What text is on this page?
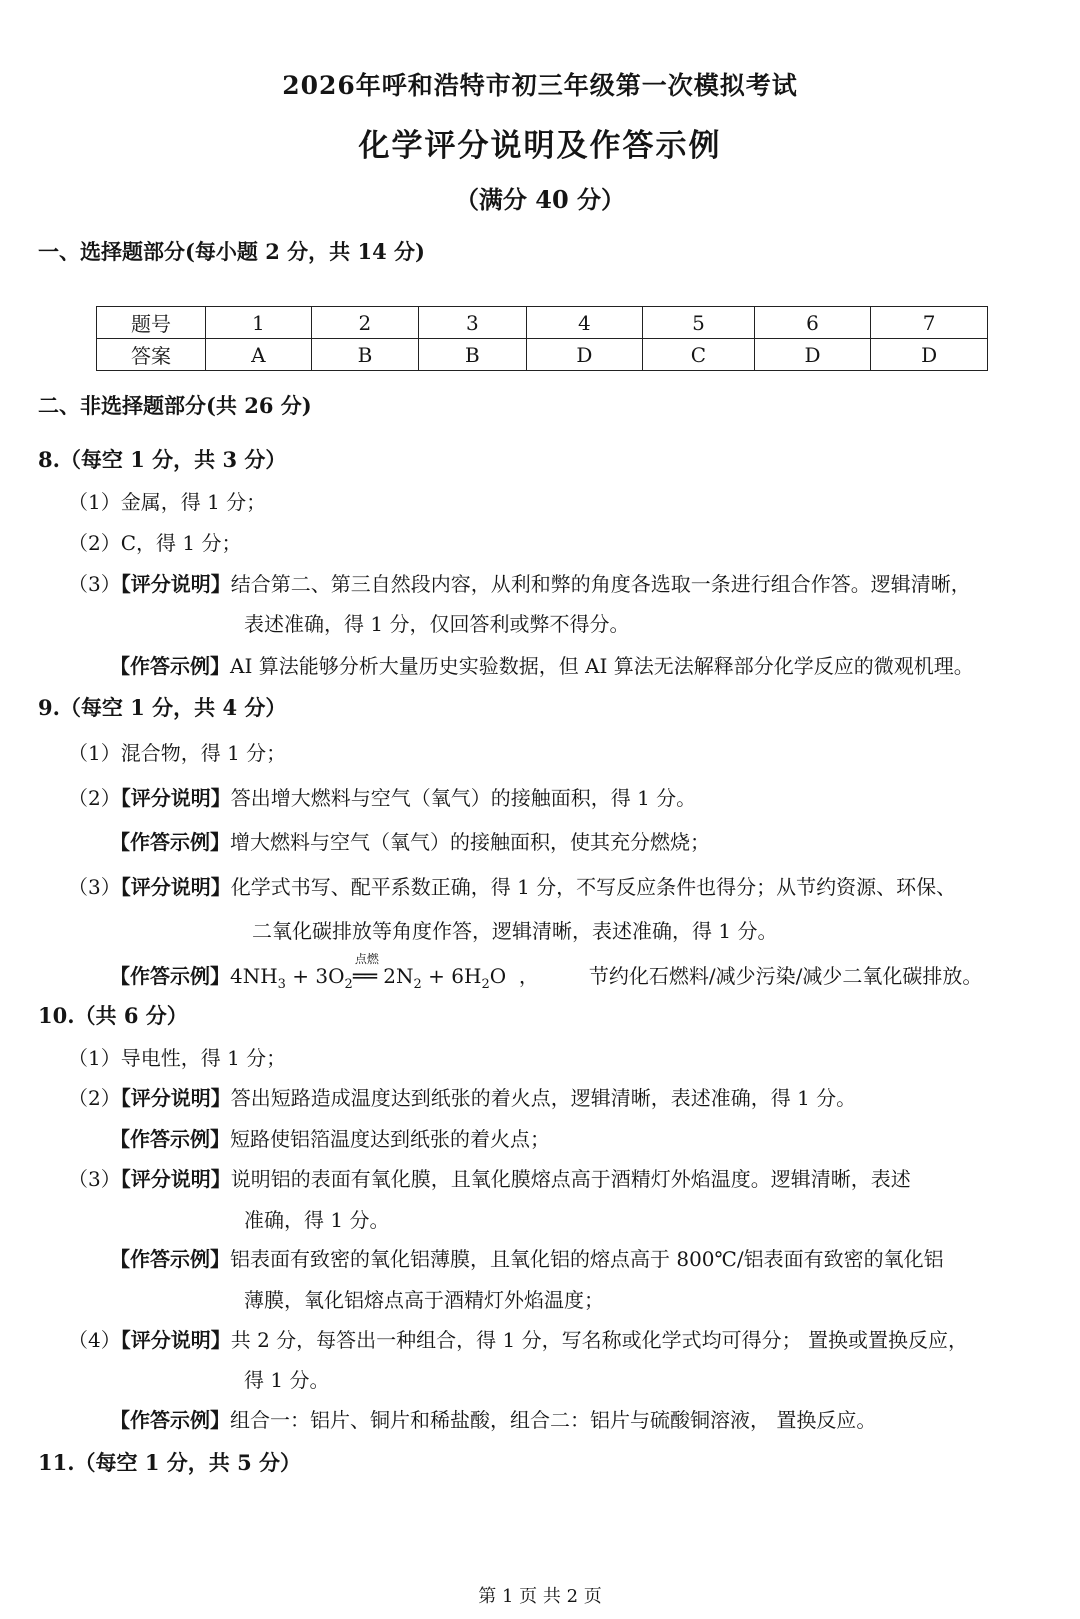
2026年呼和浩特市初三年级第一次模拟考试
化学评分说明及作答示例
（满分 40 分）
一、选择题部分(每小题 2 分，共 14 分)
题号	1	2	3	4	5	6	7
答案	A	B	B	D	C	D	D
二、非选择题部分(共 26 分)
8.（每空 1 分，共 3 分）
（1）金属，得 1 分；
（2）C，得 1 分；
（3）【评分说明】结合第二、第三自然段内容，从利和弊的角度各选取一条进行组合作答。逻辑清晰，
表述准确，得 1 分，仅回答利或弊不得分。
【作答示例】AI 算法能够分析大量历史实验数据，但 AI 算法无法解释部分化学反应的微观机理。
9.（每空 1 分，共 4 分）
（1）混合物，得 1 分；
（2）【评分说明】答出增大燃料与空气（氧气）的接触面积，得 1 分。
【作答示例】增大燃料与空气（氧气）的接触面积，使其充分燃烧；
（3）【评分说明】化学式书写、配平系数正确，得 1 分，不写反应条件也得分；从节约资源、环保、
二氧化碳排放等角度作答，逻辑清晰，表述准确，得 1 分。
【作答示例】$4NH_3 + 3O_2$
点燃
══ $2N_2 + 6H_2O$  ，	节约化石燃料/减少污染/减少二氧化碳排放。
10.（共 6 分）
（1）导电性，得 1 分；
（2）【评分说明】答出短路造成温度达到纸张的着火点，逻辑清晰，表述准确，得 1 分。
【作答示例】短路使铝箔温度达到纸张的着火点；
（3）【评分说明】说明铝的表面有氧化膜，且氧化膜熔点高于酒精灯外焰温度。逻辑清晰，表述
准确，得 1 分。
【作答示例】铝表面有致密的氧化铝薄膜，且氧化铝的熔点高于 800℃/铝表面有致密的氧化铝
薄膜，氧化铝熔点高于酒精灯外焰温度；
（4）【评分说明】共 2 分，每答出一种组合，得 1 分，写名称或化学式均可得分； 置换或置换反应，
得 1 分。
【作答示例】组合一：铝片、铜片和稀盐酸，组合二：铝片与硫酸铜溶液， 置换反应。
11.（每空 1 分，共 5 分）
第 1 页 共 2 页
